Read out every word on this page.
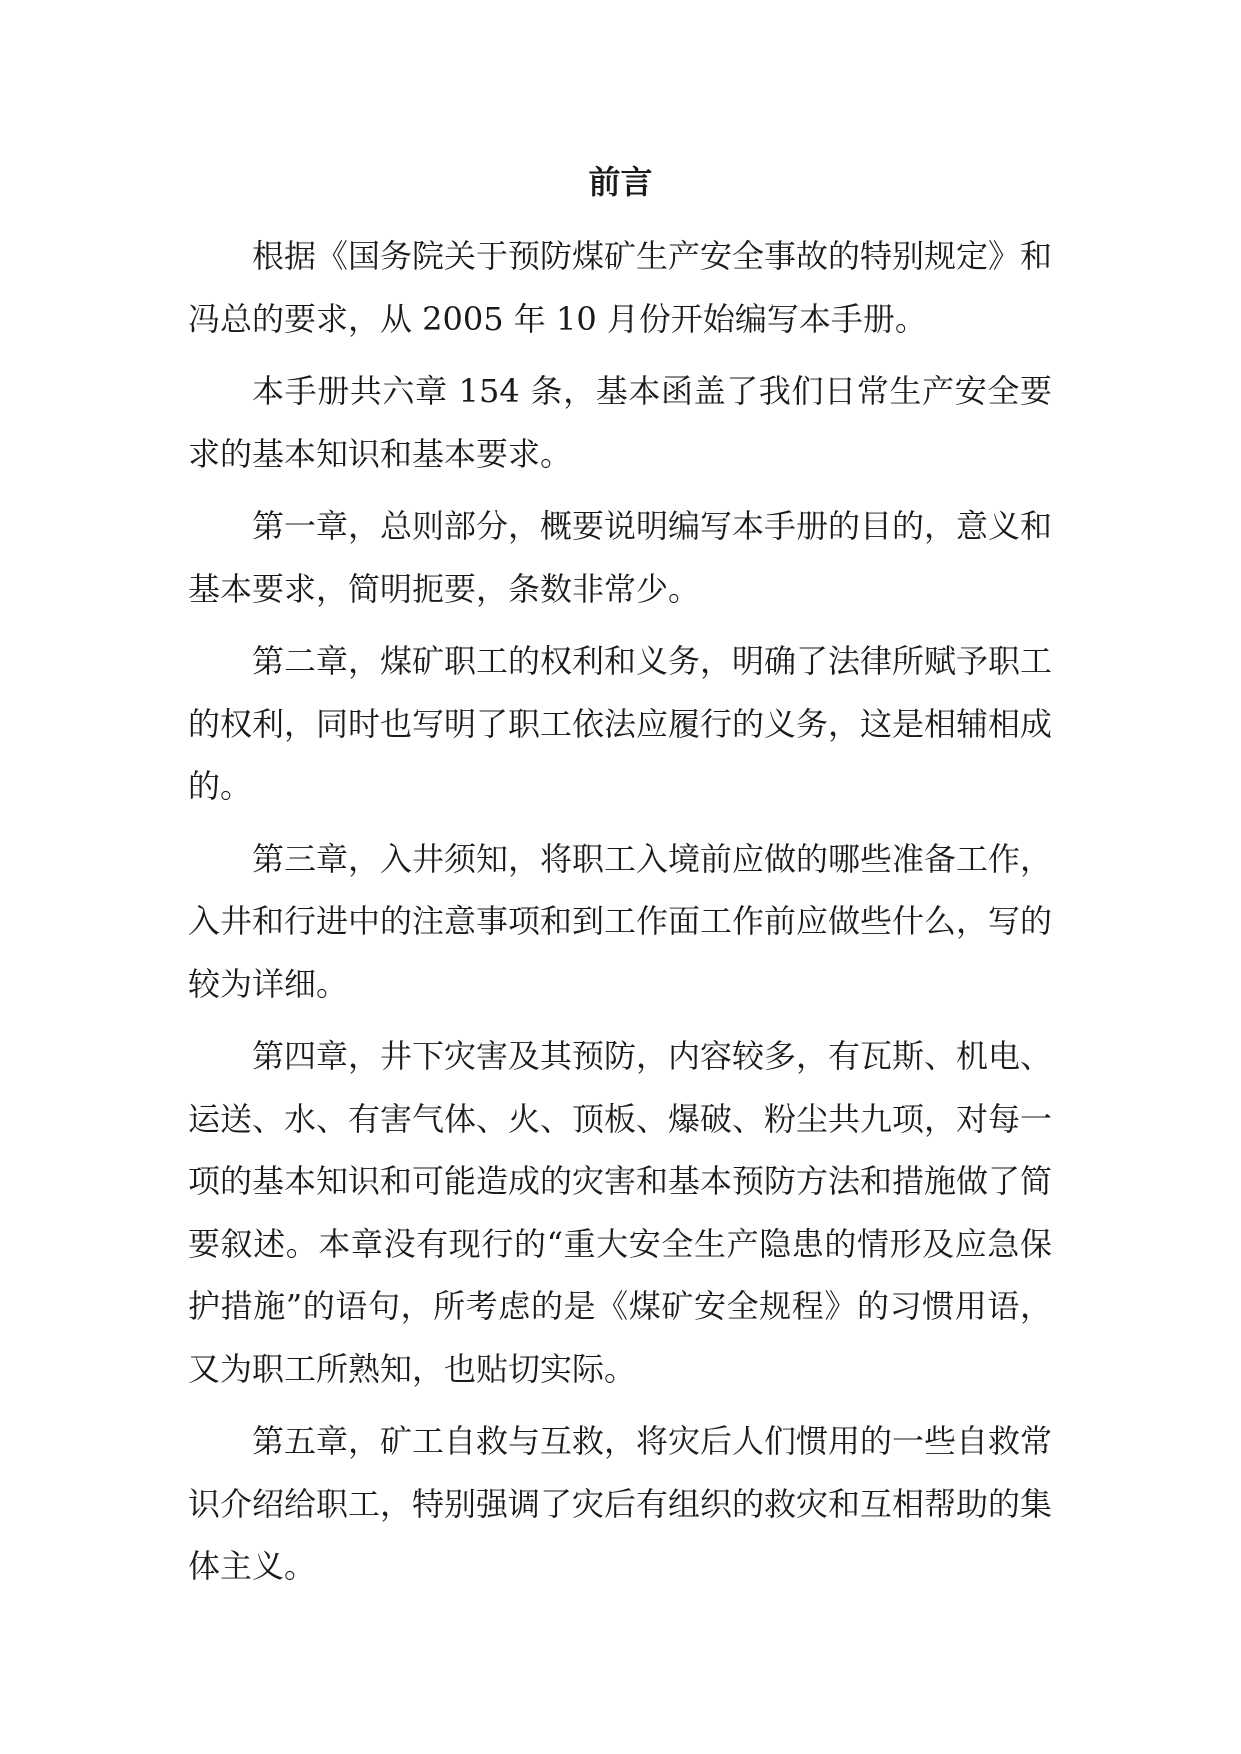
前言

根据《国务院关于预防煤矿生产安全事故的特别规定》和冯总的要求，从 2005 年 10 月份开始编写本手册。

本手册共六章 154 条，基本函盖了我们日常生产安全要求的基本知识和基本要求。

第一章，总则部分，概要说明编写本手册的目的，意义和基本要求，简明扼要，条数非常少。

第二章，煤矿职工的权利和义务，明确了法律所赋予职工的权利，同时也写明了职工依法应履行的义务，这是相辅相成的。

第三章，入井须知，将职工入境前应做的哪些准备工作，入井和行进中的注意事项和到工作面工作前应做些什么，写的较为详细。

第四章，井下灾害及其预防，内容较多，有瓦斯、机电、运送、水、有害气体、火、顶板、爆破、粉尘共九项，对每一项的基本知识和可能造成的灾害和基本预防方法和措施做了简要叙述。本章没有现行的“重大安全生产隐患的情形及应急保护措施”的语句，所考虑的是《煤矿安全规程》的习惯用语，又为职工所熟知，也贴切实际。

第五章，矿工自救与互救，将灾后人们惯用的一些自救常识介绍给职工，特别强调了灾后有组织的救灾和互相帮助的集体主义。
